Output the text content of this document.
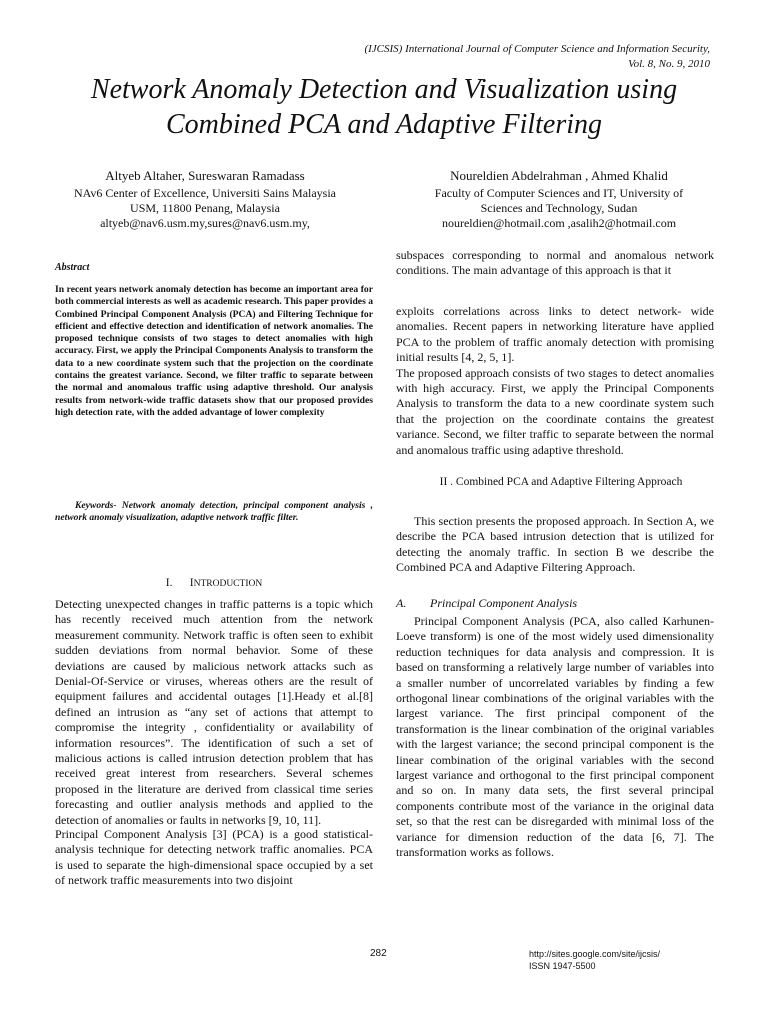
(IJCSIS) International Journal of Computer Science and Information Security,
Vol. 8, No. 9, 2010
Network Anomaly Detection and Visualization using
Combined PCA and Adaptive Filtering
Altyeb Altaher, Sureswaran Ramadass
NAv6 Center of Excellence, Universiti Sains Malaysia
USM, 11800 Penang, Malaysia
altyeb@nav6.usm.my,sures@nav6.usm.my,
Noureldien Abdelrahman , Ahmed Khalid
Faculty of Computer Sciences and IT, University of
Sciences and Technology, Sudan
noureldien@hotmail.com ,asalih2@hotmail.com
Abstract

In recent years network anomaly detection has become an important area for both commercial interests as well as academic research. This paper provides a Combined Principal Component Analysis (PCA) and Filtering Technique for efficient and effective detection and identification of network anomalies. The proposed technique consists of two stages to detect anomalies with high accuracy. First, we apply the Principal Components Analysis to transform the data to a new coordinate system such that the projection on the coordinate contains the greatest variance. Second, we filter traffic to separate between the normal and anomalous traffic using adaptive threshold. Our analysis results from network-wide traffic datasets show that our proposed provides high detection rate, with the added advantage of lower complexity

Keywords- Network anomaly detection, principal component analysis , network anomaly visualization, adaptive network traffic filter.

I. INTRODUCTION

Detecting unexpected changes in traffic patterns is a topic which has recently received much attention from the network measurement community. Network traffic is often seen to exhibit sudden deviations from normal behavior. Some of these deviations are caused by malicious network attacks such as Denial-Of-Service or viruses, whereas others are the result of equipment failures and accidental outages [1].Heady et al.[8] defined an intrusion as “any set of actions that attempt to compromise the integrity , confidentiality or availability of information resources”. The identification of such a set of malicious actions is called intrusion detection problem that has received great interest from researchers. Several schemes proposed in the literature are derived from classical time series forecasting and outlier analysis methods and applied to the detection of anomalies or faults in networks [9, 10, 11].

Principal Component Analysis [3] (PCA) is a good statistical-analysis technique for detecting network traffic anomalies. PCA is used to separate the high-dimensional space occupied by a set of network traffic measurements into two disjoint

subspaces corresponding to normal and anomalous network conditions. The main advantage of this approach is that it

exploits correlations across links to detect network- wide anomalies. Recent papers in networking literature have applied PCA to the problem of traffic anomaly detection with promising initial results [4, 2, 5, 1].

The proposed approach consists of two stages to detect anomalies with high accuracy. First, we apply the Principal Components Analysis to transform the data to a new coordinate system such that the projection on the coordinate contains the greatest variance. Second, we filter traffic to separate between the normal and anomalous traffic using adaptive threshold.

II . Combined PCA and Adaptive Filtering Approach

This section presents the proposed approach. In Section A, we describe the PCA based intrusion detection that is utilized for detecting the anomaly traffic. In section B we describe the Combined PCA and Adaptive Filtering Approach.

A. Principal Component Analysis

Principal Component Analysis (PCA, also called Karhunen-Loeve transform) is one of the most widely used dimensionality reduction techniques for data analysis and compression. It is based on transforming a relatively large number of variables into a smaller number of uncorrelated variables by finding a few orthogonal linear combinations of the original variables with the largest variance. The first principal component of the transformation is the linear combination of the original variables with the largest variance; the second principal component is the linear combination of the original variables with the second largest variance and orthogonal to the first principal component and so on. In many data sets, the first several principal components contribute most of the variance in the original data set, so that the rest can be disregarded with minimal loss of the variance for dimension reduction of the data [6, 7]. The transformation works as follows.

282	http://sites.google.com/site/ijcsis/
ISSN 1947-5500
